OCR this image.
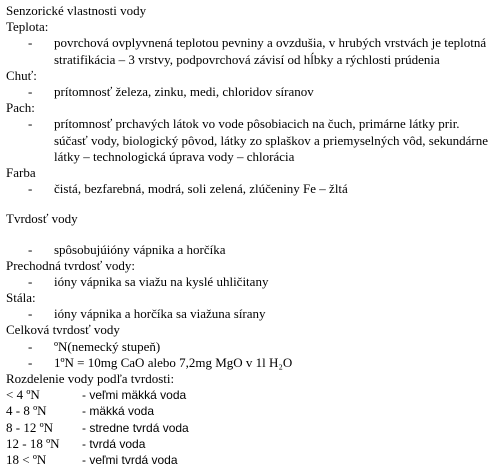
Senzorické vlastnosti vody
Teplota:
-	povrchová ovplyvnená teplotou pevniny a ovzdušia, v hrubých vrstvách je teplotná stratifikácia – 3 vrstvy, podpovrchová závisí od hĺbky a rýchlosti prúdenia
Chuť:
-	prítomnosť železa, zinku, medi, chloridov síranov
Pach:
-	prítomnosť prchavých látok vo vode pôsobiacich na čuch, primárne látky prir. súčasť vody, biologický pôvod, látky zo splaškov a priemyselných vôd, sekundárne látky – technologická úprava vody – chlorácia
Farba
-	čistá, bezfarebná, modrá, soli zelená, zlúčeniny Fe – žltá
Tvrdosť vody
-	spôsobujúióny vápnika a horčíka
Prechodná tvrdosť vody:
-	ióny vápnika sa viažu na kyslé uhličitany
Stála:
-	ióny vápnika a horčíka sa viažuna sírany
Celková tvrdosť vody
-	ºN(nemecký stupeň)
-	1ºN = 10mg CaO alebo 7,2mg MgO v 1l H₂O
Rozdelenie vody podľa tvrdosti:
< 4 ºN	- veľmi mäkká voda
4 - 8 ºN	- mäkká voda
8 - 12 ºN	- stredne tvrdá voda
12 - 18 ºN	- tvrdá voda
18 < ºN	- veľmi tvrdá voda
